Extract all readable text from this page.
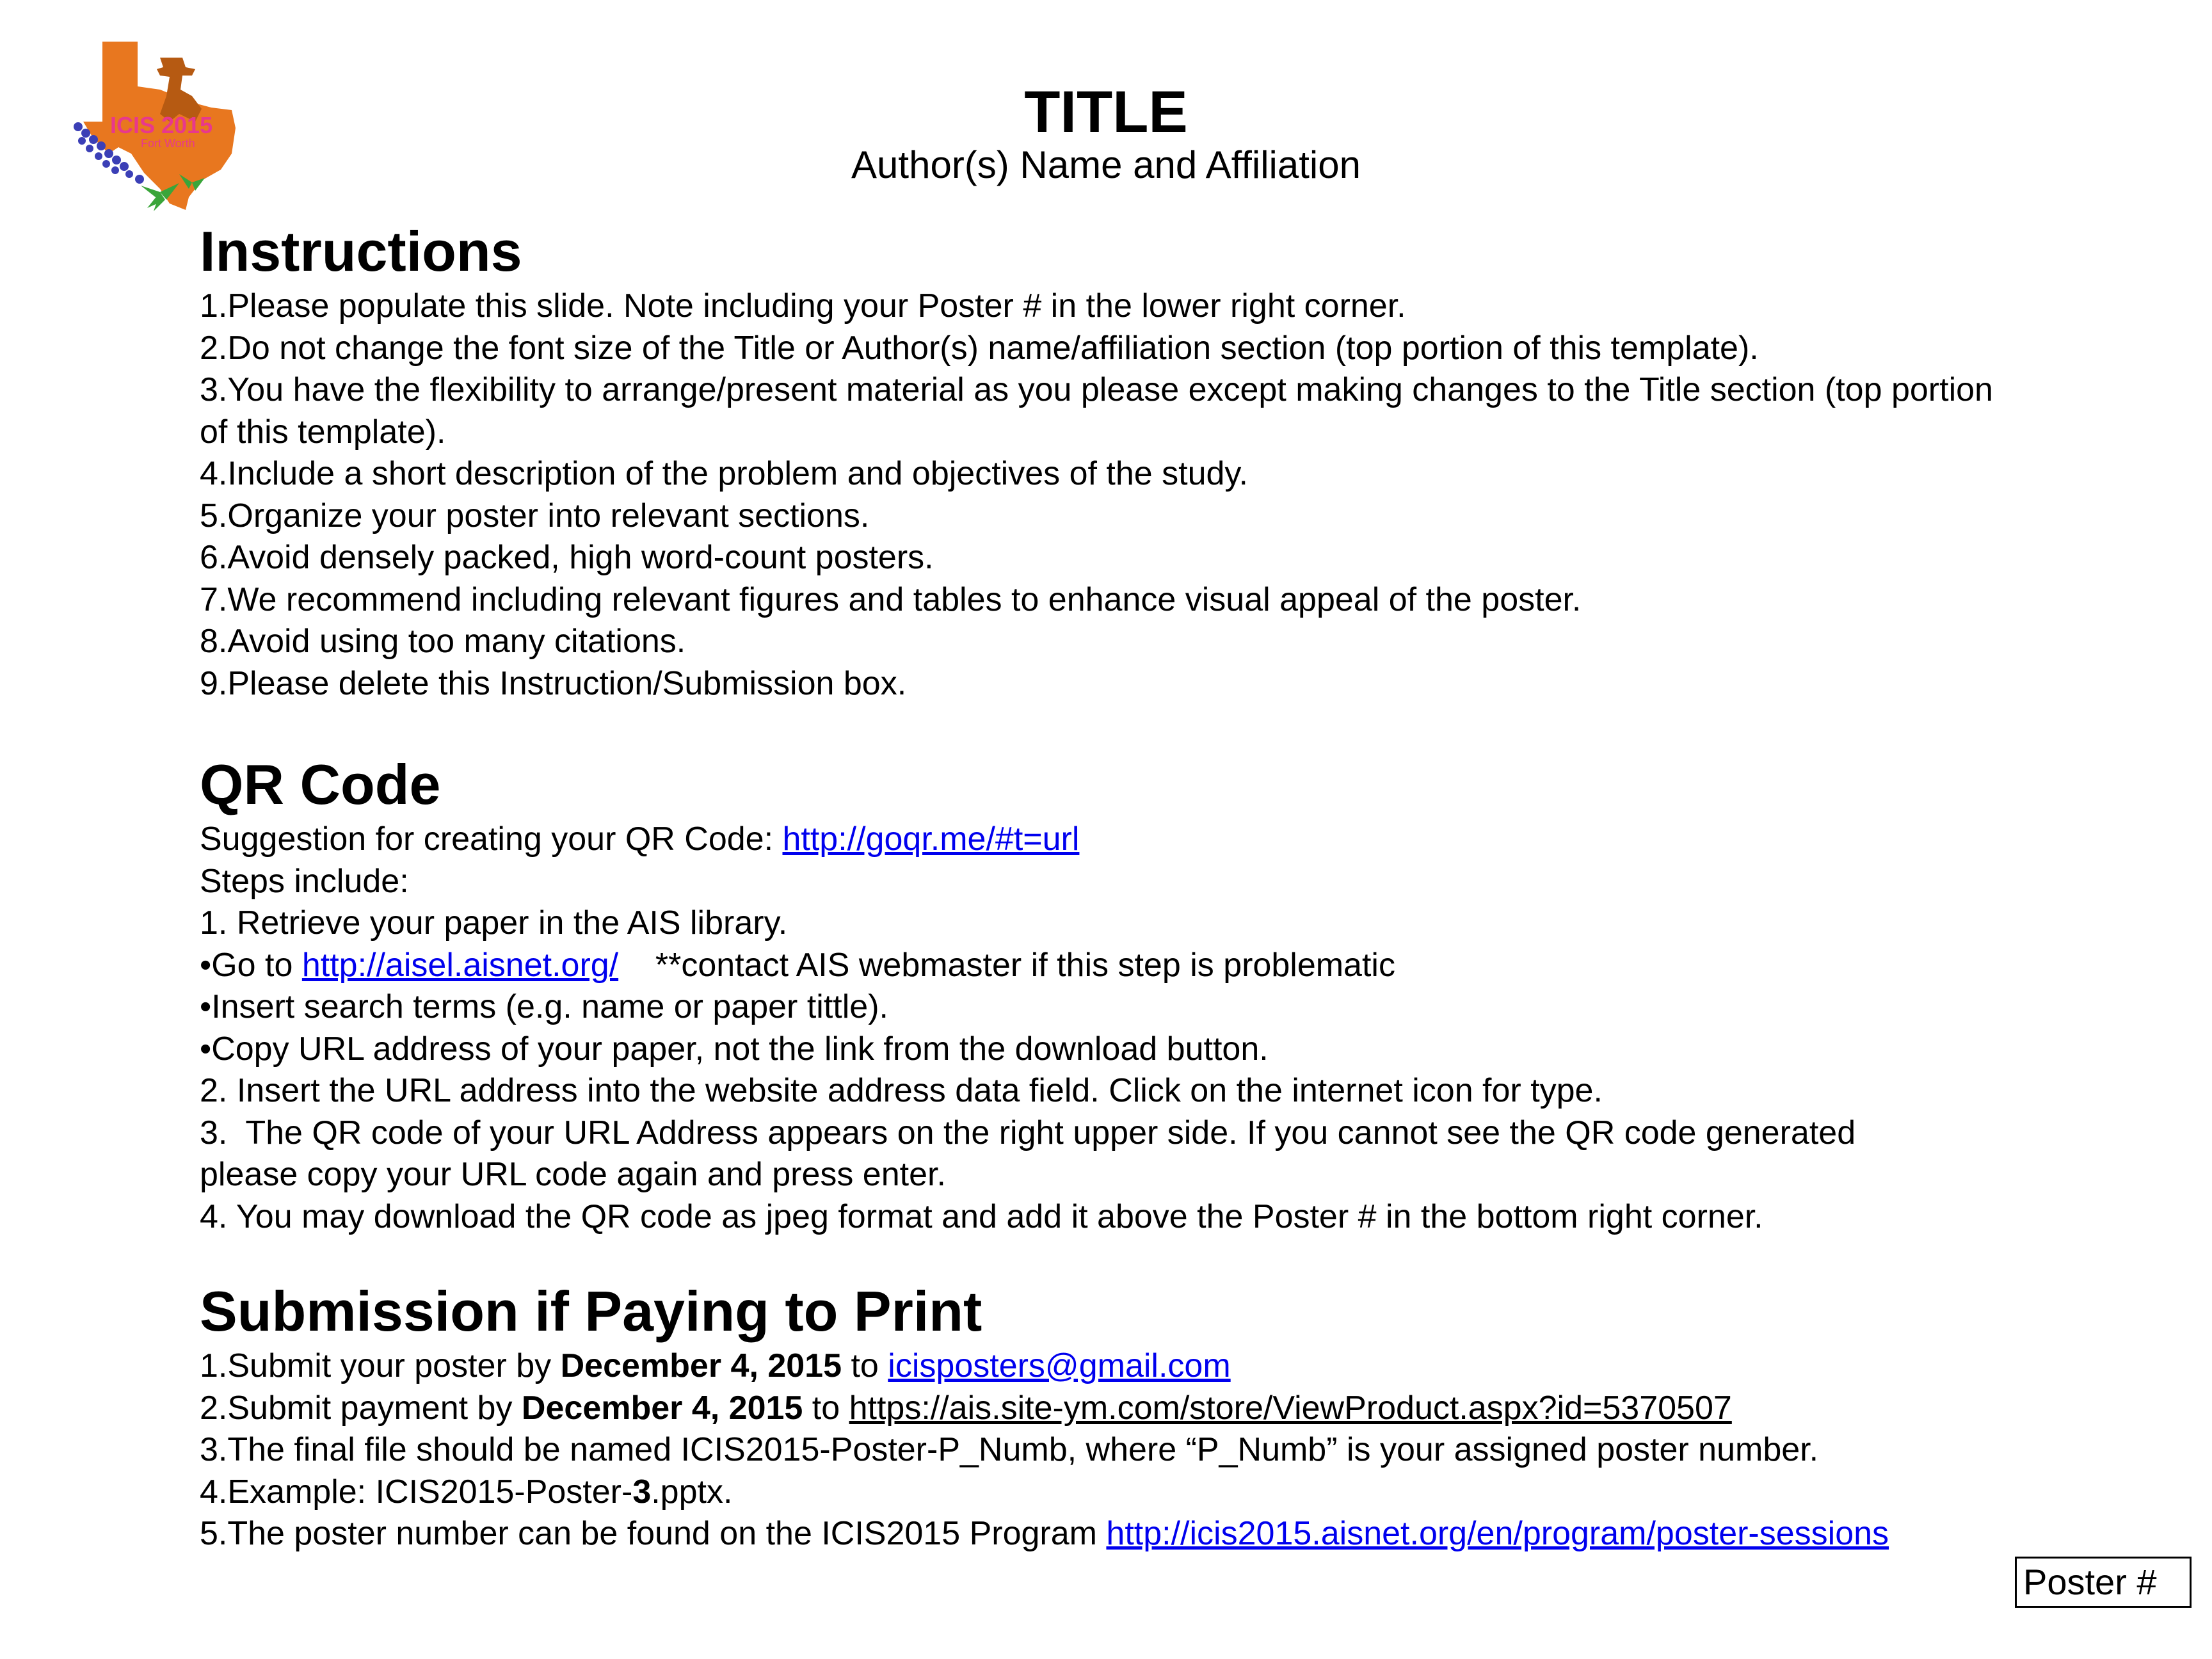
ICIS 2015
Fort Worth	TITLE
Author(s) Name and Affiliation
Instructions
1.Please populate this slide. Note including your Poster # in the lower right corner.
2.Do not change the font size of the Title or Author(s) name/affiliation section (top portion of this template).
3.You have the flexibility to arrange/present material as you please except making changes to the Title section (top portion of this template).
4.Include a short description of the problem and objectives of the study.
5.Organize your poster into relevant sections.
6.Avoid densely packed, high word-count posters.
7.We recommend including relevant figures and tables to enhance visual appeal of the poster.
8.Avoid using too many citations.
9.Please delete this Instruction/Submission box.
QR Code
Suggestion for creating your QR Code: http://goqr.me/#t=url
Steps include:
1. Retrieve your paper in the AIS library.
•Go to http://aisel.aisnet.org/    **contact AIS webmaster if this step is problematic
•Insert search terms (e.g. name or paper tittle).
•Copy URL address of your paper, not the link from the download button.
2. Insert the URL address into the website address data field. Click on the internet icon for type.
3.  The QR code of your URL Address appears on the right upper side. If you cannot see the QR code generated
please copy your URL code again and press enter.
4. You may download the QR code as jpeg format and add it above the Poster # in the bottom right corner.
Submission if Paying to Print
1.Submit your poster by December 4, 2015 to icisposters@gmail.com
2.Submit payment by December 4, 2015 to https://ais.site-ym.com/store/ViewProduct.aspx?id=5370507
3.The final file should be named ICIS2015-Poster-P_Numb, where “P_Numb” is your assigned poster number.
4.Example: ICIS2015-Poster-3.pptx.
5.The poster number can be found on the ICIS2015 Program http://icis2015.aisnet.org/en/program/poster-sessions
Poster #
